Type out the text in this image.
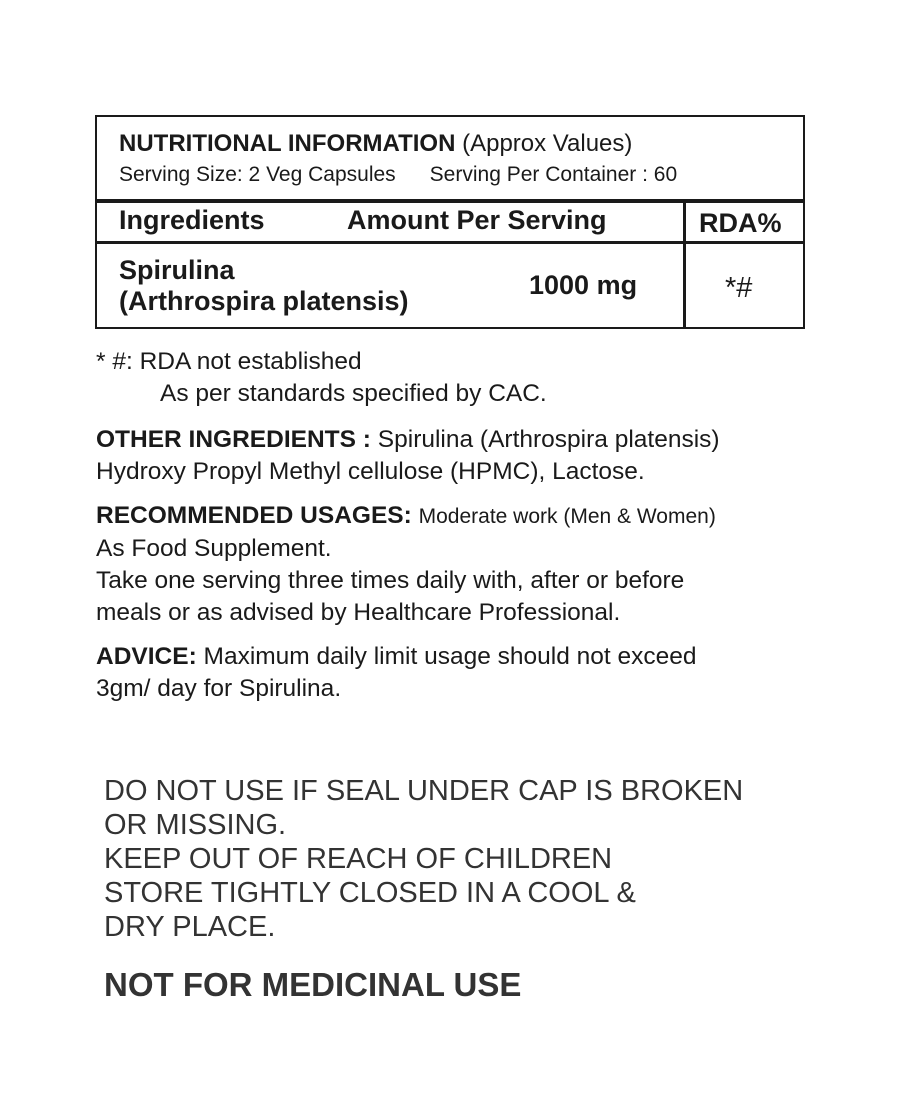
NUTRITIONAL INFORMATION (Approx Values)
Serving Size: 2 Veg Capsules Serving Per Container : 60
Ingredients	Amount Per Serving	RDA%
Spirulina
(Arthrospira platensis)
1000 mg	*#
* #: RDA not established
As per standards specified by CAC.
OTHER INGREDIENTS : Spirulina (Arthrospira platensis)
Hydroxy Propyl Methyl cellulose (HPMC), Lactose.
RECOMMENDED USAGES: Moderate work (Men & Women)
As Food Supplement.
Take one serving three times daily with, after or before
meals or as advised by Healthcare Professional.
ADVICE: Maximum daily limit usage should not exceed
3gm/ day for Spirulina.
DO NOT USE IF SEAL UNDER CAP IS BROKEN
OR MISSING.
KEEP OUT OF REACH OF CHILDREN
STORE TIGHTLY CLOSED IN A COOL &
DRY PLACE.
NOT FOR MEDICINAL USE
